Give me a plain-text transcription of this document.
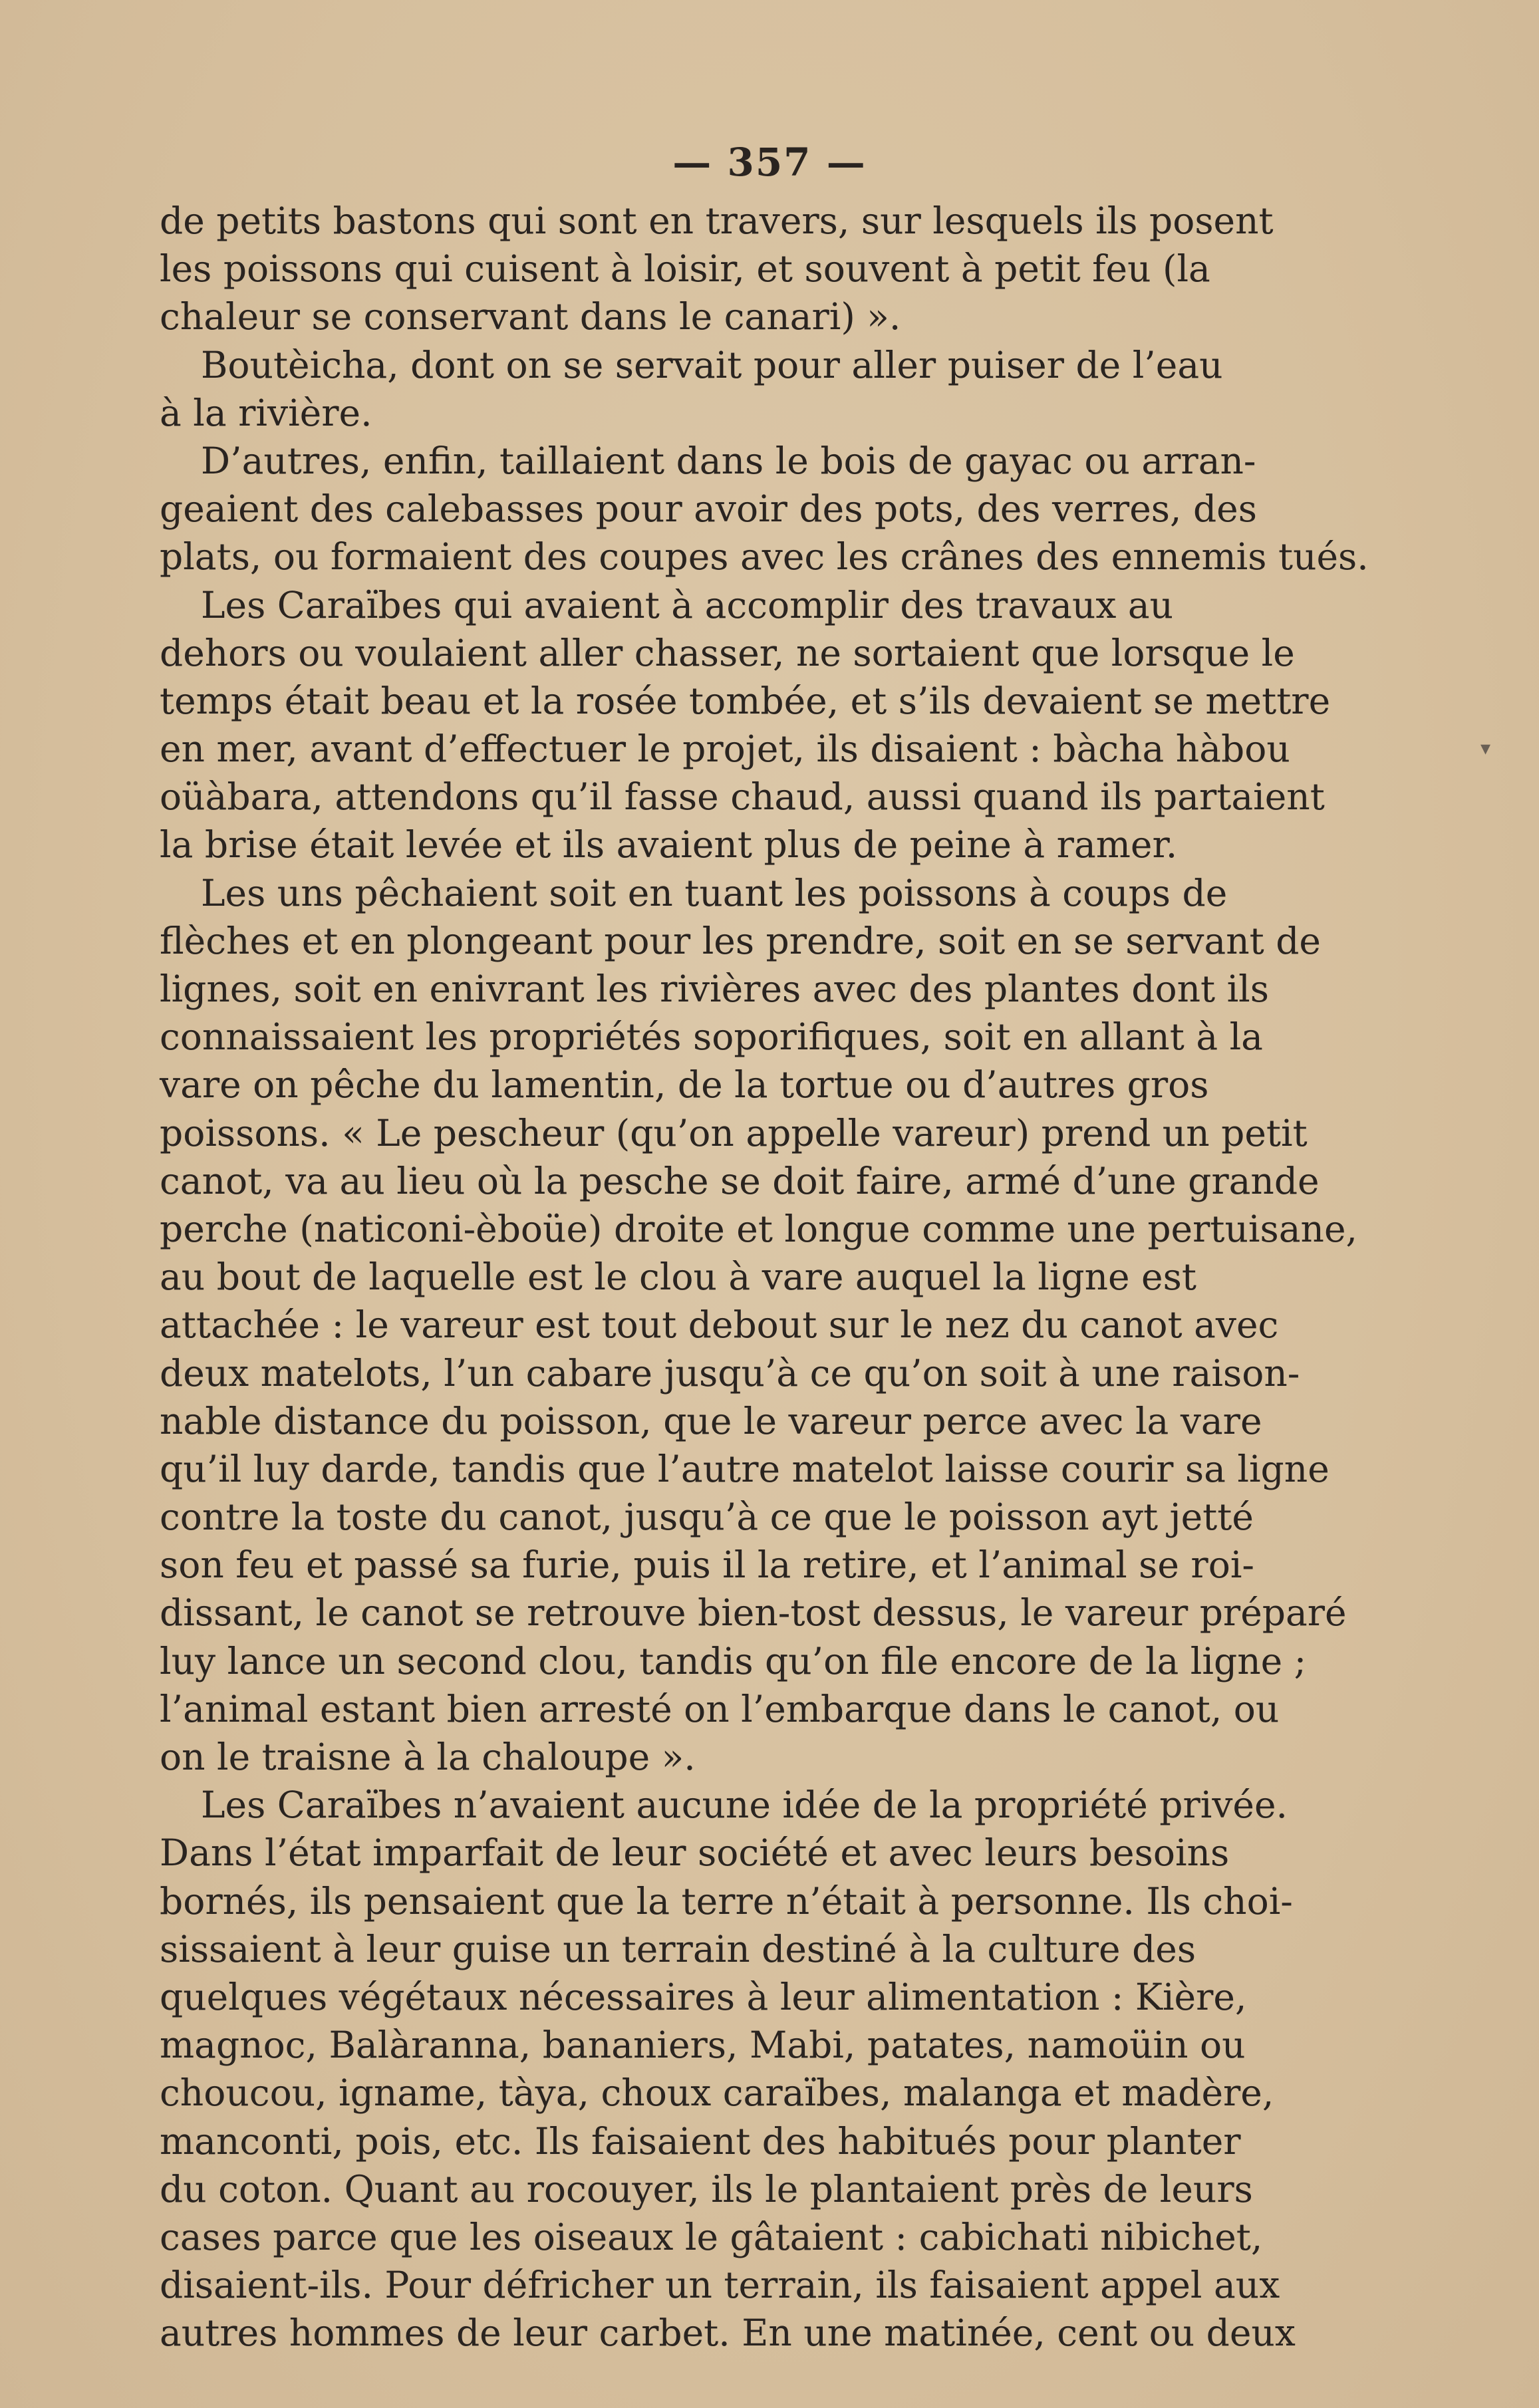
— 357 —
de petits bastons qui sont en travers, sur lesquels ils posent
les poissons qui cuisent à loisir, et souvent à petit feu (la
chaleur se conservant dans le canari) ».
Boutèicha, dont on se servait pour aller puiser de l’eau
à la rivière.
D’autres, enfin, taillaient dans le bois de gayac ou arran-
geaient des calebasses pour avoir des pots, des verres, des
plats, ou formaient des coupes avec les crânes des ennemis tués.
Les Caraïbes qui avaient à accomplir des travaux au
dehors ou voulaient aller chasser, ne sortaient que lorsque le
temps était beau et la rosée tombée, et s’ils devaient se mettre
en mer, avant d’effectuer le projet, ils disaient : bàcha hàbou
oüàbara, attendons qu’il fasse chaud, aussi quand ils partaient
la brise était levée et ils avaient plus de peine à ramer.
Les uns pêchaient soit en tuant les poissons à coups de
flèches et en plongeant pour les prendre, soit en se servant de
lignes, soit en enivrant les rivières avec des plantes dont ils
connaissaient les propriétés soporifiques, soit en allant à la
vare on pêche du lamentin, de la tortue ou d’autres gros
poissons. « Le pescheur (qu’on appelle vareur) prend un petit
canot, va au lieu où la pesche se doit faire, armé d’une grande
perche (naticoni-èboüe) droite et longue comme une pertuisane,
au bout de laquelle est le clou à vare auquel la ligne est
attachée : le vareur est tout debout sur le nez du canot avec
deux matelots, l’un cabare jusqu’à ce qu’on soit à une raison-
nable distance du poisson, que le vareur perce avec la vare
qu’il luy darde, tandis que l’autre matelot laisse courir sa ligne
contre la toste du canot, jusqu’à ce que le poisson ayt jetté
son feu et passé sa furie, puis il la retire, et l’animal se roi-
dissant, le canot se retrouve bien-tost dessus, le vareur préparé
luy lance un second clou, tandis qu’on file encore de la ligne ;
l’animal estant bien arresté on l’embarque dans le canot, ou
on le traisne à la chaloupe ».
Les Caraïbes n’avaient aucune idée de la propriété privée.
Dans l’état imparfait de leur société et avec leurs besoins
bornés, ils pensaient que la terre n’était à personne. Ils choi-
sissaient à leur guise un terrain destiné à la culture des
quelques végétaux nécessaires à leur alimentation : Kière,
magnoc, Balàranna, bananiers, Mabi, patates, namoüin ou
choucou, igname, tàya, choux caraïbes, malanga et madère,
manconti, pois, etc. Ils faisaient des habitués pour planter
du coton. Quant au rocouyer, ils le plantaient près de leurs
cases parce que les oiseaux le gâtaient : cabichati nibichet,
disaient-ils. Pour défricher un terrain, ils faisaient appel aux
autres hommes de leur carbet. En une matinée, cent ou deux
▾
